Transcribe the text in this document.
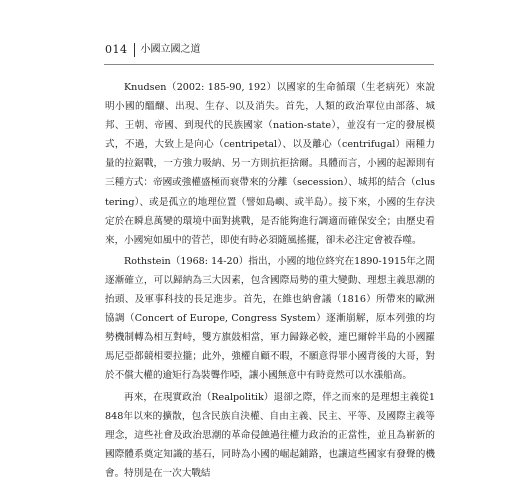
014	小國立國之道

Knudsen（2002: 185-90, 192）以國家的生命循環（生老病死）來說明小國的醞釀、出現、生存、以及消失。首先，人類的政治單位由部落、城邦、王朝、帝國、到現代的民族國家（nation-state），並沒有一定的發展模式，不過，大致上是向心（centripetal）、以及離心（centrifugal）兩種力量的拉鋸戰，一方強力吸納、另一方則抗拒捨爾。具體而言，小國的起源則有三種方式：帝國或強權盛極而衰帶來的分離（secession）、城邦的結合（clustering）、或是孤立的地理位置（譬如島嶼、或半島）。接下來，小國的生存決定於在瞬息萬變的環境中面對挑戰，是否能夠進行調適而確保安全；由歷史看來，小國宛如風中的菅芒，即使有時必須隨風搖擺，卻未必注定會被吞噬。

Rothstein（1968: 14-20）指出，小國的地位終究在1890-1915年之間逐漸確立，可以歸納為三大因素，包含國際局勢的重大變動、理想主義思潮的抬頭、及軍事科技的長足進步。首先，在維也納會議（1816）所帶來的歐洲協調（Concert of Europe, Congress System）逐漸崩解，原本列強的均勢機制轉為相互對峙，雙方旗鼓相當，軍力歸錄必較，連巴爾幹半島的小國羅馬尼亞都競相要拉攏；此外，強權自顧不暇，不願意得罪小國背後的大哥，對於不償大權的逾矩行為裝聾作啞，讓小國無意中有時竟然可以水漲船高。

再來，在現實政治（Realpolitik）退卻之際，伴之而來的是理想主義從1848年以來的擴散，包含民族自決權、自由主義、民主、平等、及國際主義等理念，這些社會及政治思潮的革命侵蝕過往權力政治的正當性，並且為嶄新的國際體系奠定知識的基石，同時為小國的崛起鋪路，也讓這些國家有發聲的機會。特別是在一次大戰結
